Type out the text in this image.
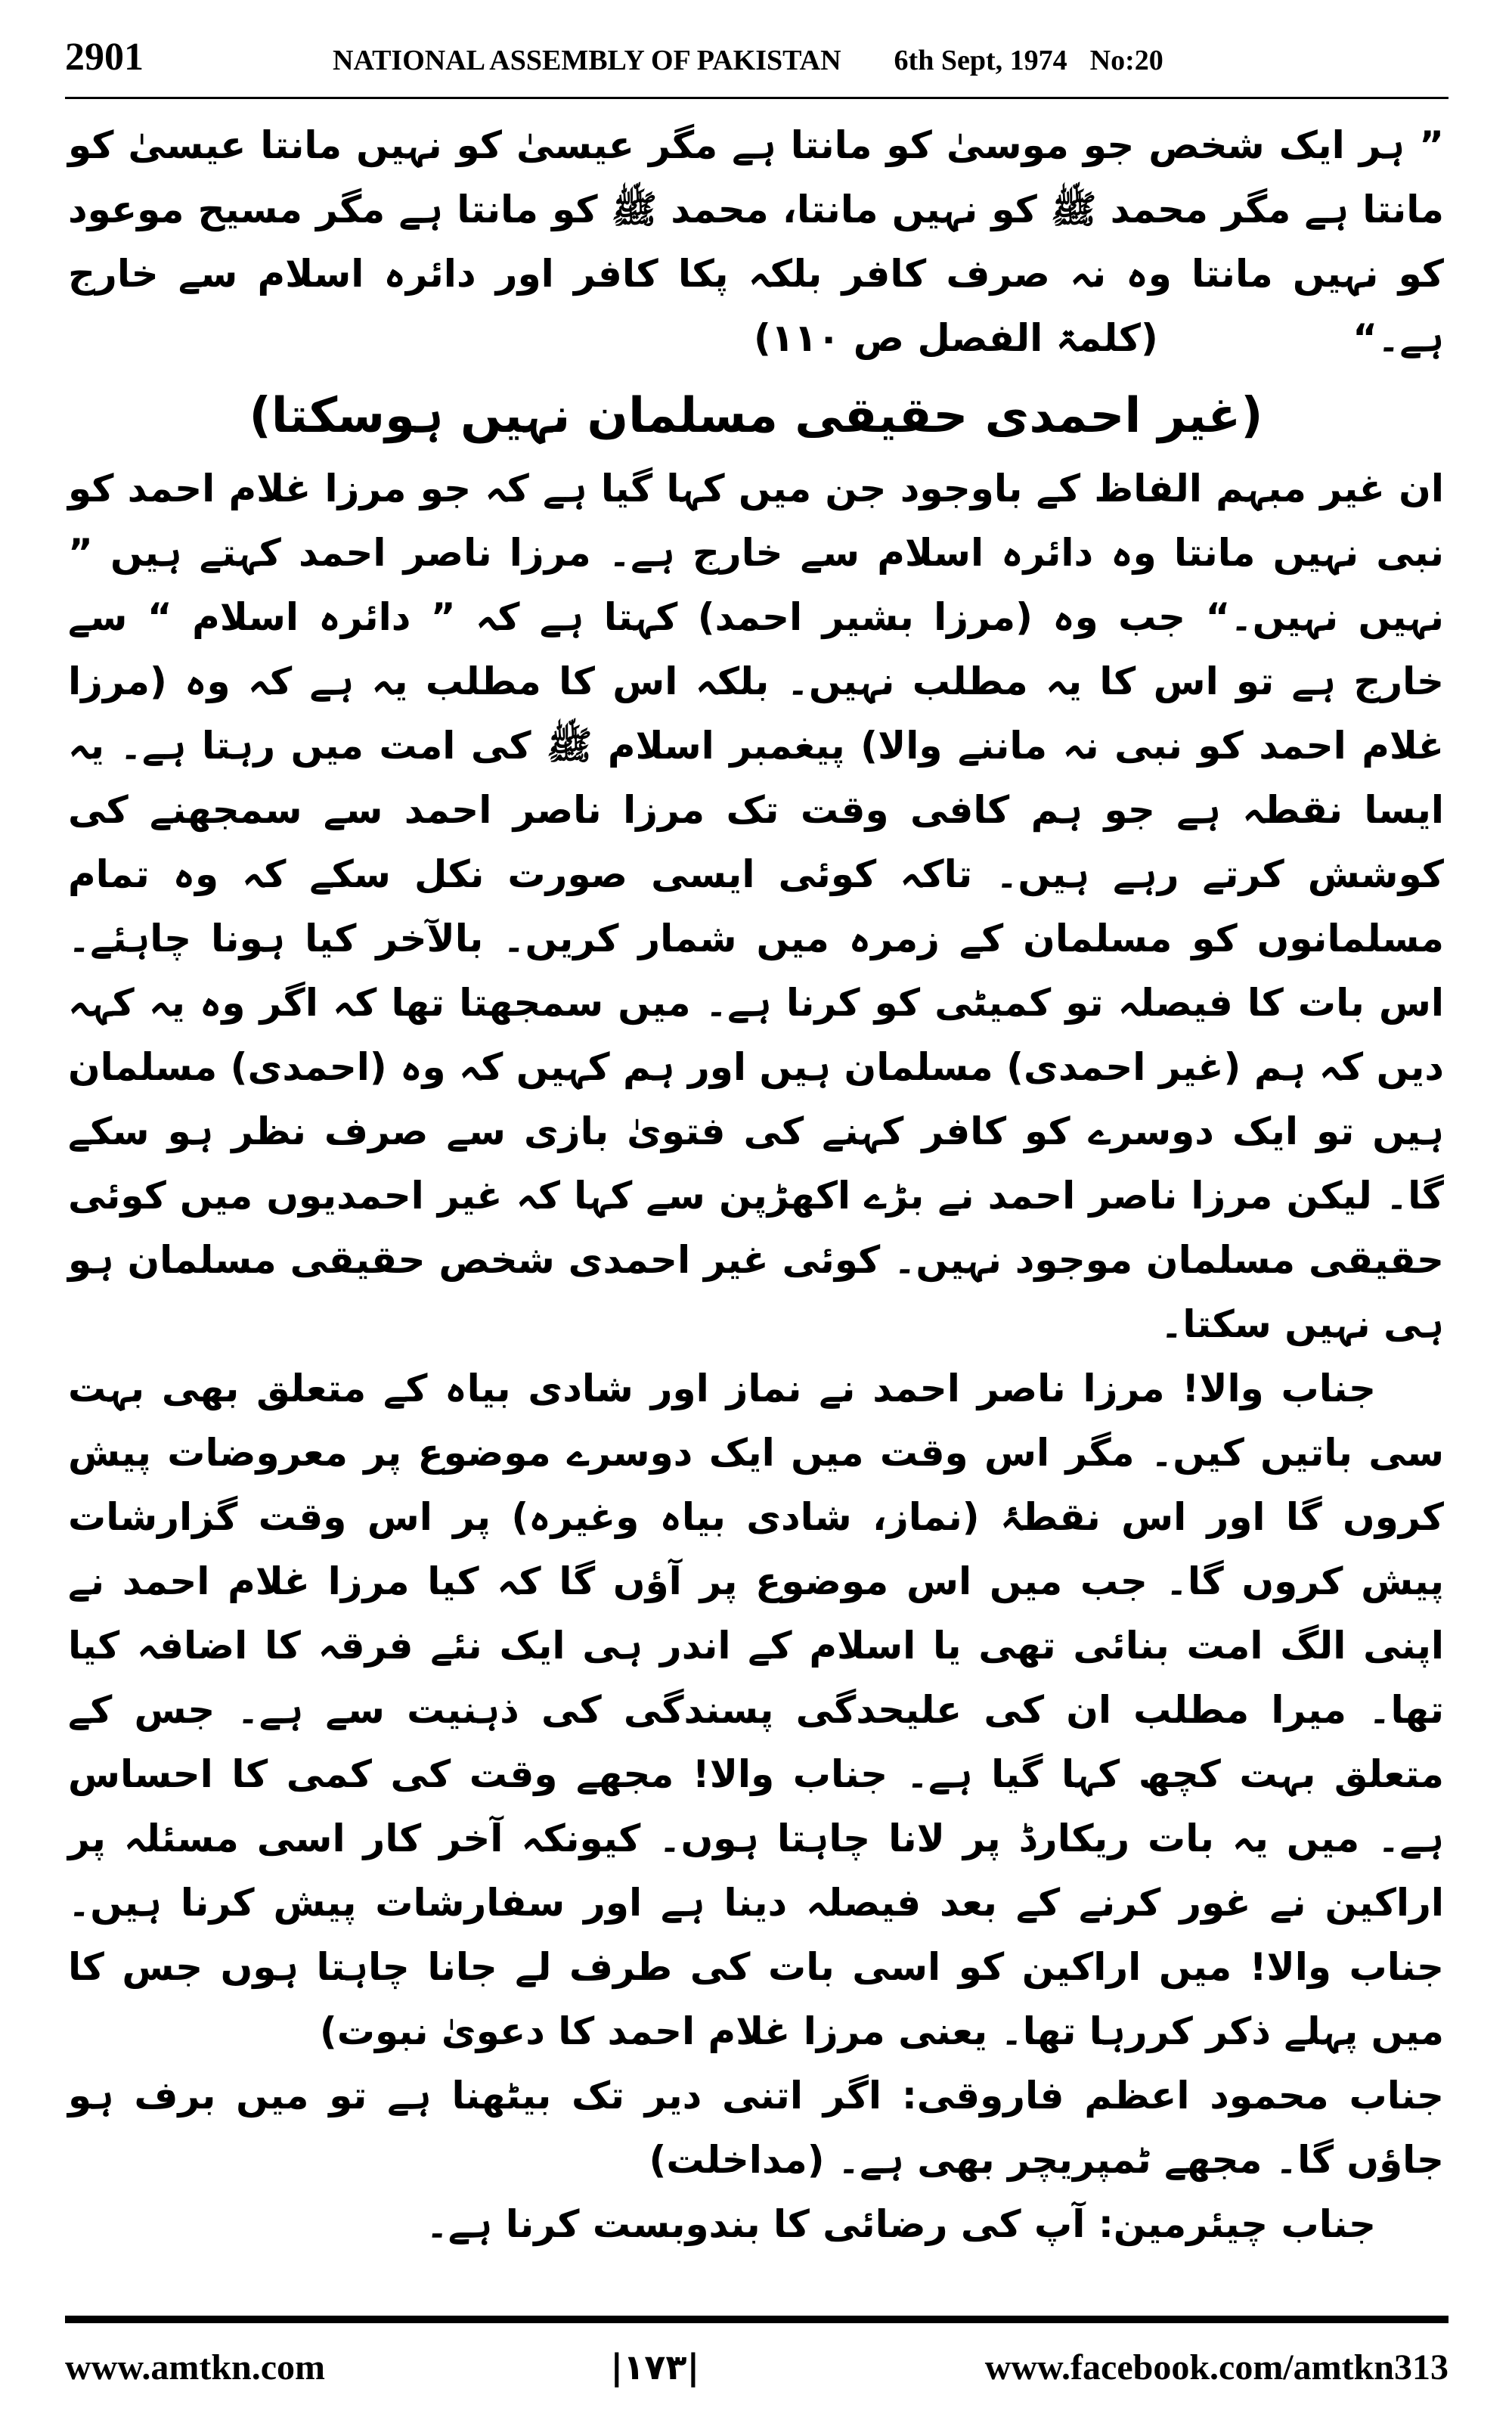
2901	NATIONAL ASSEMBLY OF PAKISTAN 6th Sept, 1974 No:20

” ہر ایک شخص جو موسیٰ کو مانتا ہے مگر عیسیٰ کو نہیں مانتا عیسیٰ کو مانتا ہے مگر محمد ﷺ کو نہیں مانتا، محمد ﷺ کو مانتا ہے مگر مسیح موعود کو نہیں مانتا وہ نہ صرف کافر بلکہ پکا کافر اور دائرہ اسلام سے خارج ہے۔“ (کلمۃ الفصل ص ۱۱۰)

(غیر احمدی حقیقی مسلمان نہیں ہوسکتا)

ان غیر مبہم الفاظ کے باوجود جن میں کہا گیا ہے کہ جو مرزا غلام احمد کو نبی نہیں مانتا وہ دائرہ اسلام سے خارج ہے۔ مرزا ناصر احمد کہتے ہیں ” نہیں نہیں۔“ جب وہ (مرزا بشیر احمد) کہتا ہے کہ ” دائرہ اسلام “ سے خارج ہے تو اس کا یہ مطلب نہیں۔ بلکہ اس کا مطلب یہ ہے کہ وہ (مرزا غلام احمد کو نبی نہ ماننے والا) پیغمبر اسلام ﷺ کی امت میں رہتا ہے۔ یہ ایسا نقطہ ہے جو ہم کافی وقت تک مرزا ناصر احمد سے سمجھنے کی کوشش کرتے رہے ہیں۔ تاکہ کوئی ایسی صورت نکل سکے کہ وہ تمام مسلمانوں کو مسلمان کے زمرہ میں شمار کریں۔ بالآخر کیا ہونا چاہئے۔ اس بات کا فیصلہ تو کمیٹی کو کرنا ہے۔ میں سمجھتا تھا کہ اگر وہ یہ کہہ دیں کہ ہم (غیر احمدی) مسلمان ہیں اور ہم کہیں کہ وہ (احمدی) مسلمان ہیں تو ایک دوسرے کو کافر کہنے کی فتویٰ بازی سے صرف نظر ہو سکے گا۔ لیکن مرزا ناصر احمد نے بڑے اکھڑپن سے کہا کہ غیر احمدیوں میں کوئی حقیقی مسلمان موجود نہیں۔ کوئی غیر احمدی شخص حقیقی مسلمان ہو ہی نہیں سکتا۔

جناب والا! مرزا ناصر احمد نے نماز اور شادی بیاہ کے متعلق بھی بہت سی باتیں کیں۔ مگر اس وقت میں ایک دوسرے موضوع پر معروضات پیش کروں گا اور اس نقطۂ (نماز، شادی بیاہ وغیرہ) پر اس وقت گزارشات پیش کروں گا۔ جب میں اس موضوع پر آؤں گا کہ کیا مرزا غلام احمد نے اپنی الگ امت بنائی تھی یا اسلام کے اندر ہی ایک نئے فرقہ کا اضافہ کیا تھا۔ میرا مطلب ان کی علیحدگی پسندگی کی ذہنیت سے ہے۔ جس کے متعلق بہت کچھ کہا گیا ہے۔ جناب والا! مجھے وقت کی کمی کا احساس ہے۔ میں یہ بات ریکارڈ پر لانا چاہتا ہوں۔ کیونکہ آخر کار اسی مسئلہ پر اراکین نے غور کرنے کے بعد فیصلہ دینا ہے اور سفارشات پیش کرنا ہیں۔ جناب والا! میں اراکین کو اسی بات کی طرف لے جانا چاہتا ہوں جس کا میں پہلے ذکر کررہا تھا۔ یعنی مرزا غلام احمد کا دعویٰ نبوت)

جناب محمود اعظم فاروقی: اگر اتنی دیر تک بیٹھنا ہے تو میں برف ہو جاؤں گا۔ مجھے ٹمپریچر بھی ہے۔ (مداخلت)

جناب چیئرمین: آپ کی رضائی کا بندوبست کرنا ہے۔

www.amtkn.com	|۱۷۳|	www.facebook.com/amtkn313
